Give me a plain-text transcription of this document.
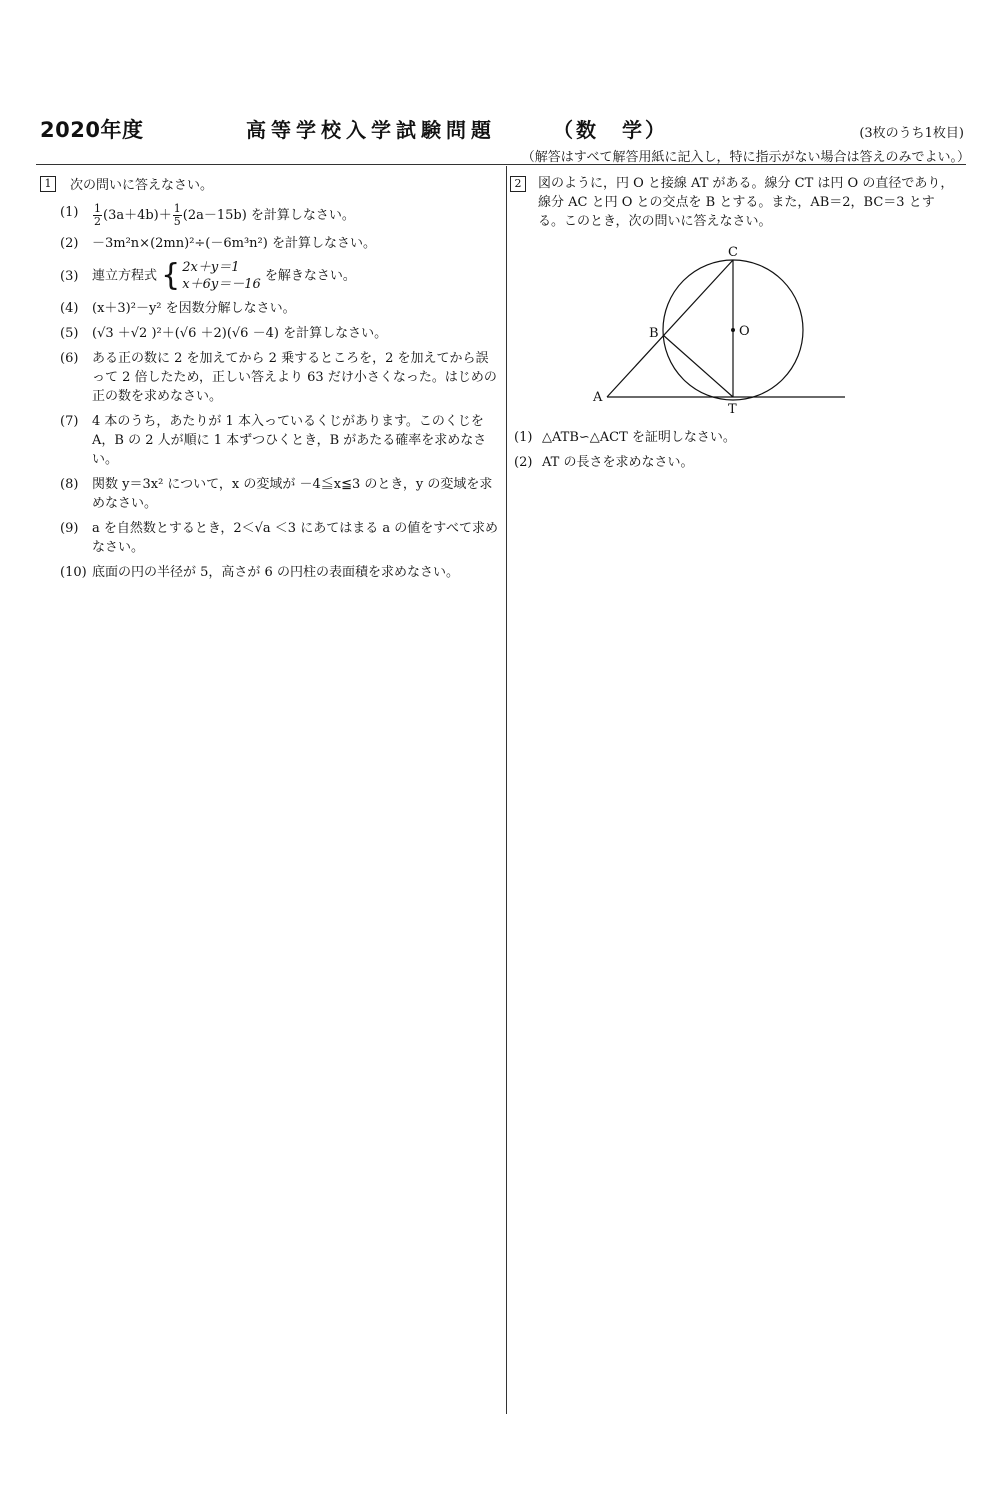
2020年度	高等学校入学試験問題	（数　学）	(3枚のうち1枚目)
（解答はすべて解答用紙に記入し，特に指示がない場合は答えのみでよい。）
1	次の問いに答えなさい。
(1)	$\frac{1}{2} (3a+4b)+ \frac{1}{5} (2a-15b)$ を計算しなさい。
(2)	－3m²n×(2mn)²÷(－6m³n²) を計算しなさい。
(3)	連立方程式 { 2x＋y＝1
x＋6y＝－16
を解きなさい。
(4)	(x＋3)²－y² を因数分解しなさい。
(5)	(√3 ＋√2 )²＋(√6 ＋2)(√6 －4) を計算しなさい。
(6)	ある正の数に 2 を加えてから 2 乗するところを，2 を加えてから誤って 2 倍したため，正しい答えより 63 だけ小さくなった。はじめの正の数を求めなさい。
(7)	4 本のうち，あたりが 1 本入っているくじがあります。このくじを A，B の 2 人が順に 1 本ずつひくとき，B があたる確率を求めなさい。
(8)	関数 y＝3x² について，x の変域が －4≦x≦3 のとき，y の変域を求めなさい。
(9)	a を自然数とするとき，2＜√a ＜3 にあてはまる a の値をすべて求めなさい。
(10) 底面の円の半径が 5，高さが 6 の円柱の表面積を求めなさい。
2	図のように，円 O と接線 AT がある。線分 CT は円 O の直径であり，線分 AC と円 O との交点を B とする。また，AB＝2，BC＝3 とする。このとき，次の問いに答えなさい。
C
O
B
A
T
(1) △ATB∽△ACT を証明しなさい。
(2) AT の長さを求めなさい。
